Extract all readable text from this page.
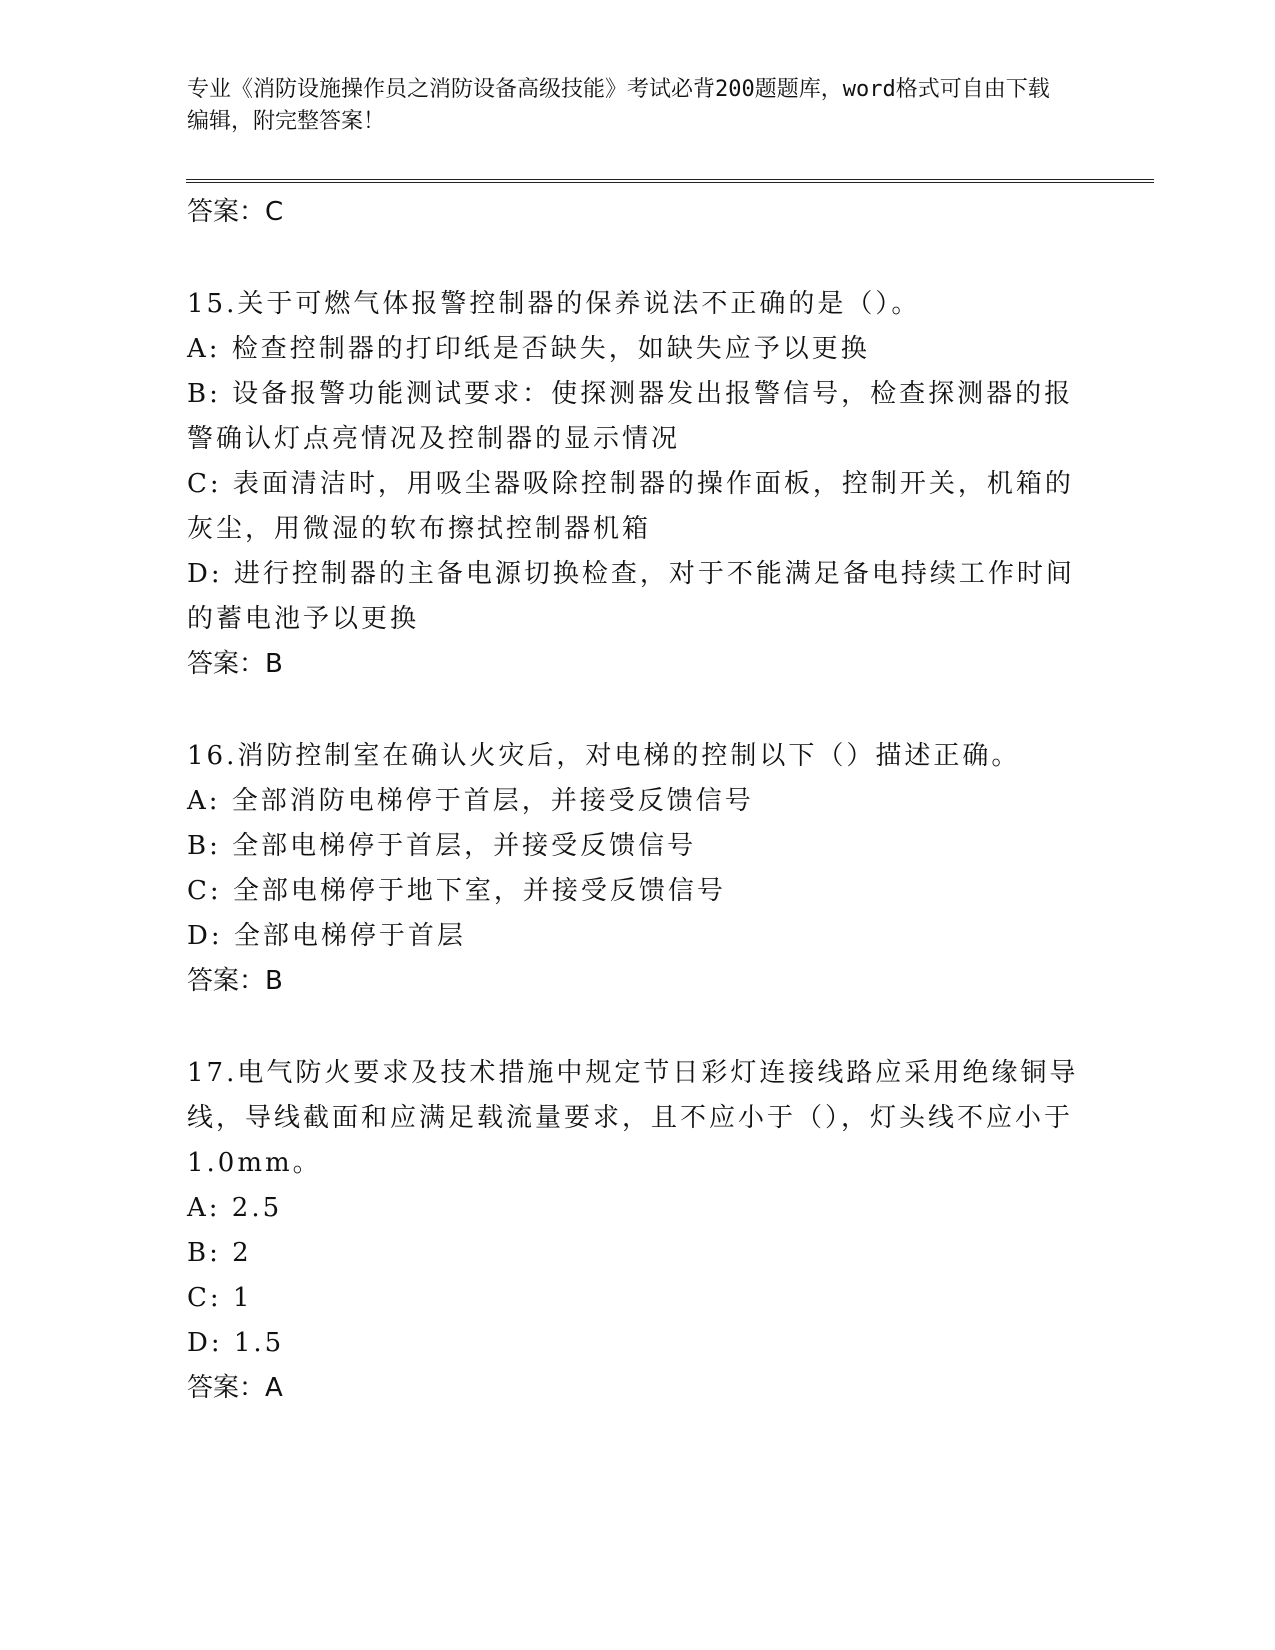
专业《消防设施操作员之消防设备高级技能》考试必背200题题库，word格式可自由下载编辑，附完整答案！
答案：C
15.关于可燃气体报警控制器的保养说法不正确的是（）。
A: 检查控制器的打印纸是否缺失，如缺失应予以更换
B: 设备报警功能测试要求：使探测器发出报警信号，检查探测器的报警确认灯点亮情况及控制器的显示情况
C: 表面清洁时，用吸尘器吸除控制器的操作面板，控制开关，机箱的灰尘，用微湿的软布擦拭控制器机箱
D: 进行控制器的主备电源切换检查，对于不能满足备电持续工作时间的蓄电池予以更换
答案：B
16.消防控制室在确认火灾后，对电梯的控制以下（）描述正确。
A: 全部消防电梯停于首层，并接受反馈信号
B: 全部电梯停于首层，并接受反馈信号
C: 全部电梯停于地下室，并接受反馈信号
D: 全部电梯停于首层
答案：B
17.电气防火要求及技术措施中规定节日彩灯连接线路应采用绝缘铜导线，导线截面和应满足载流量要求，且不应小于（），灯头线不应小于1.0mm。
A: 2.5
B: 2
C: 1
D: 1.5
答案：A
